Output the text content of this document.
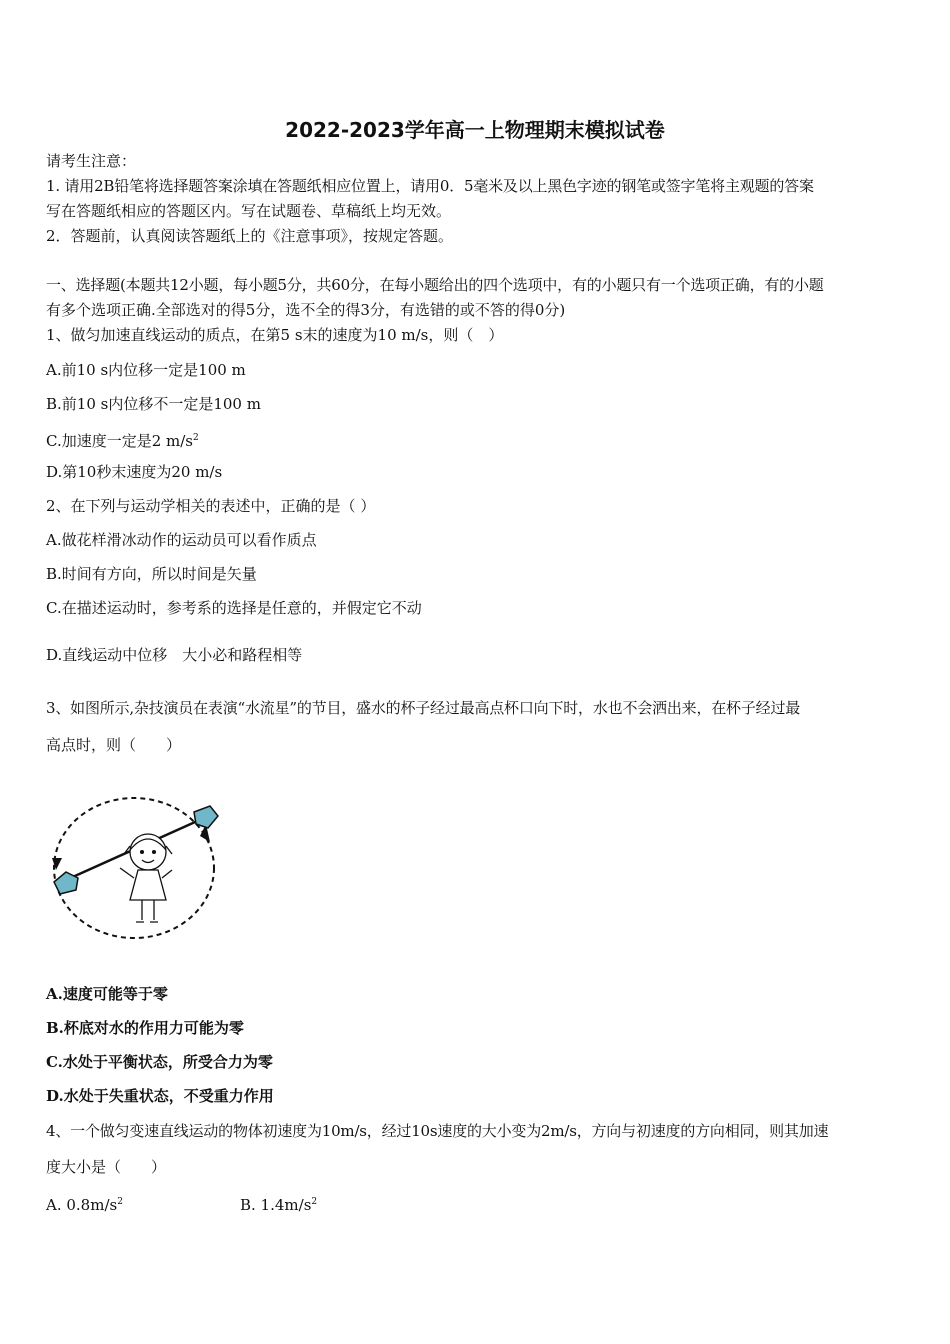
2022-2023学年高一上物理期末模拟试卷
请考生注意：
1. 请用2B铅笔将选择题答案涂填在答题纸相应位置上，请用0．5毫米及以上黑色字迹的钢笔或签字笔将主观题的答案
写在答题纸相应的答题区内。写在试题卷、草稿纸上均无效。
2．答题前，认真阅读答题纸上的《注意事项》，按规定答题。
一、选择题(本题共12小题，每小题5分，共60分，在每小题给出的四个选项中，有的小题只有一个选项正确，有的小题
有多个选项正确.全部选对的得5分，选不全的得3分，有选错的或不答的得0分)
1、做匀加速直线运动的质点，在第5 s末的速度为10 m/s，则（　）
A.前10 s内位移一定是100 m
B.前10 s内位移不一定是100 m
C.加速度一定是2 $m/s^2$
D.第10秒末速度为20 m/s
2、在下列与运动学相关的表述中，正确的是（ ）
A.做花样滑冰动作的运动员可以看作质点
B.时间有方向，所以时间是矢量
C.在描述运动时，参考系的选择是任意的，并假定它不动
D.直线运动中位移　大小必和路程相等
3、如图所示,杂技演员在表演“水流星”的节目，盛水的杯子经过最高点杯口向下时，水也不会洒出来，在杯子经过最
高点时，则（　　）
A.速度可能等于零
B.杯底对水的作用力可能为零
C.水处于平衡状态，所受合力为零
D.水处于失重状态，不受重力作用
4、一个做匀变速直线运动的物体初速度为10m/s，经过10s速度的大小变为2m/s，方向与初速度的方向相同，则其加速
度大小是（　　）
A. $0.8m/s^2$	B. $1.4m/s^2$
